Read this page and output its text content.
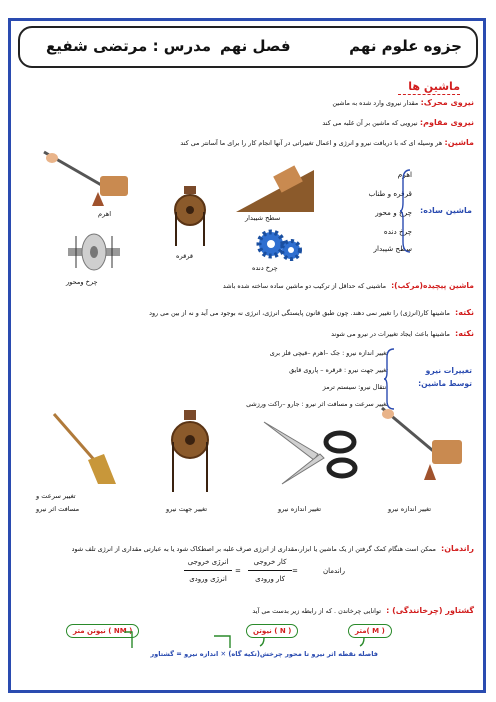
جزوه علوم نهم
فصل نهم
مدرس : مرتضی شفیع
ماشین ها
نیروی محرک: مقدار نیروی وارد شده به ماشین
نیروی مقاوم: نیرویی که ماشین بر آن غلبه می کند
ماشین: هر وسیله ای که با دریافت نیرو و انرژی و اعمال تغییراتی در آنها انجام کار را برای ما آسانتر می کند
اهرم
قرقره
سطح شیبدار
چرخ دنده
چرخ ومحور
اهرم
قرقره و طناب
چرخ و محور
چرخ دنده
سطح شیبدار
ماشین ساده:
ماشین پیچیده(مرکب): ماشینی که حداقل از ترکیب دو ماشین ساده ساخته شده باشد
نکته: ماشینها کار(انرژی) را تغییر نمی دهند. چون طبق قانون پایستگی انرژی، انرژی نه بوجود می آید و نه از بین می رود
نکته: ماشینها باعث ایجاد تغییرات در نیرو می شوند
تغییر اندازه نیرو : جک –اهرم –قیچی فلز بری
تغییر جهت نیرو : قرقره – پاروی قایق
انتقال نیرو: سیستم ترمز
تغییر سرعت و مسافت اثر نیرو : جارو –راکت ورزشی
تغییرات نیرو
توسط ماشین:
تغییر سرعت و
مسافت اثر نیرو	تغییر جهت نیرو	تغییر اندازه نیرو	تغییر اندازه نیرو
راندمان: ممکن است هنگام کمک گرفتن از یک ماشین یا ابزار،مقداری از انرژی صرف غلبه بر اصطکاک شود یا به عبارتی مقداری از انرژی تلف شود
راندمان
=
کار خروجی
کار ورودی
=
انرژی خروجی
انرژی ورودی
گشتاور (چرخانندگی) : توانایی چرخاندن . که از رابطه زیر بدست می آید
نیوتن متر ( NM )	نیوتن ( N )	متر( M )
فاصله نقطه اثر نیرو تا محور چرخش(تکیه گاه) ✕ اندازه نیرو = گشتاور
